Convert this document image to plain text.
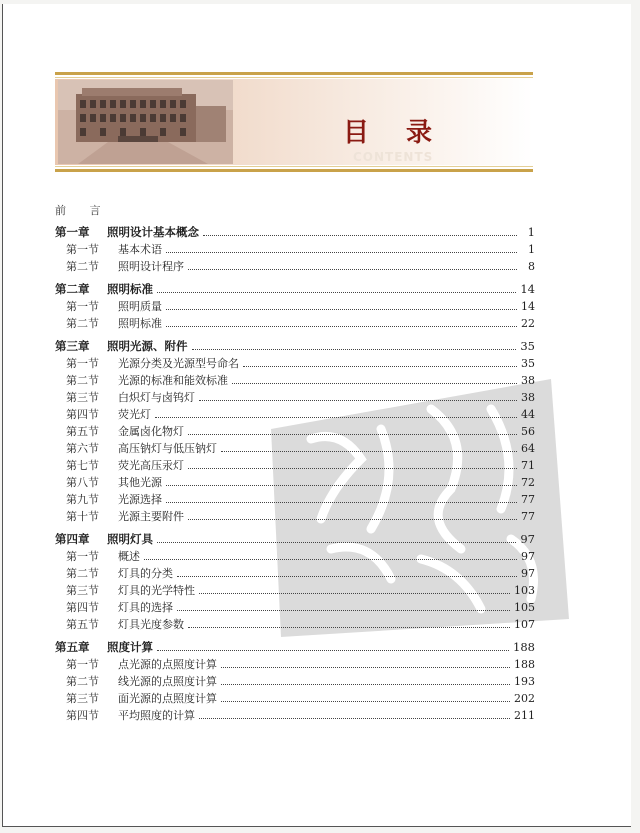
目 录
CONTENTS
前 言
第一章	照明设计基本概念	1
第一节	基本术语	1
第二节	照明设计程序	8
第二章	照明标准	14
第一节	照明质量	14
第二节	照明标准	22
第三章	照明光源、附件	35
第一节	光源分类及光源型号命名	35
第二节	光源的标准和能效标准	38
第三节	白炽灯与卤钨灯	38
第四节	荧光灯	44
第五节	金属卤化物灯	56
第六节	高压钠灯与低压钠灯	64
第七节	荧光高压汞灯	71
第八节	其他光源	72
第九节	光源选择	77
第十节	光源主要附件	77
第四章	照明灯具	97
第一节	概述	97
第二节	灯具的分类	97
第三节	灯具的光学特性	103
第四节	灯具的选择	105
第五节	灯具光度参数	107
第五章	照度计算	188
第一节	点光源的点照度计算	188
第二节	线光源的点照度计算	193
第三节	面光源的点照度计算	202
第四节	平均照度的计算	211
